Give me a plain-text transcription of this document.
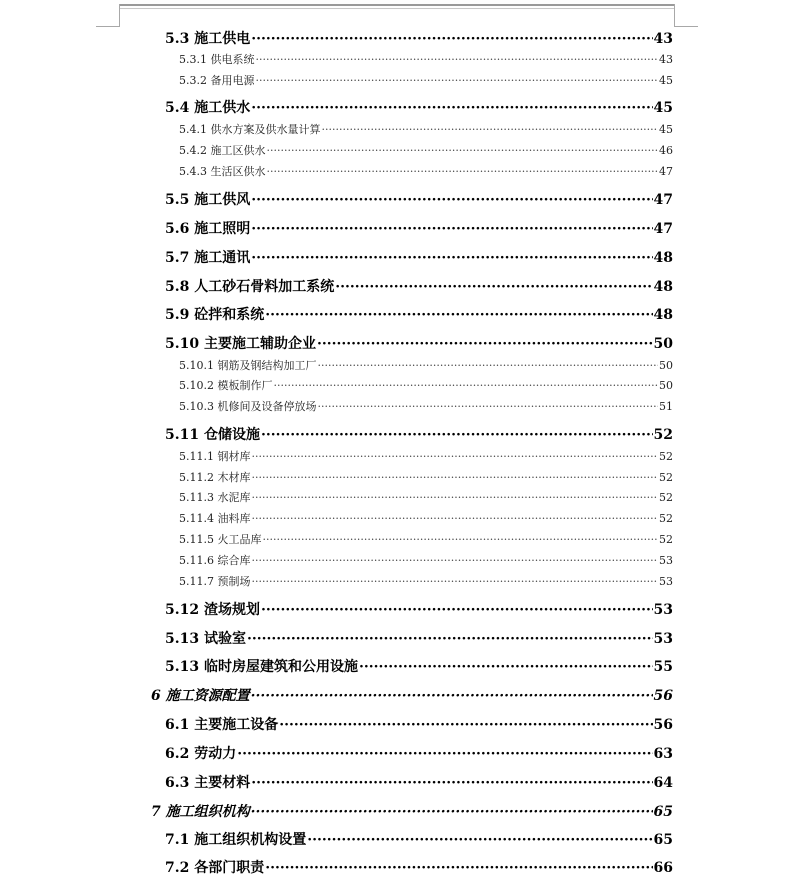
5.3 施工供电 ·····	43
5.3.1 供电系统 ·····	43
5.3.2 备用电源 ·····	45
5.4 施工供水 ·····	45
5.4.1 供水方案及供水量计算 ·····	45
5.4.2 施工区供水 ·····	46
5.4.3 生活区供水 ·····	47
5.5 施工供风 ·····	47
5.6 施工照明 ·····	47
5.7 施工通讯 ·····	48
5.8 人工砂石骨料加工系统 ·····	48
5.9 砼拌和系统 ·····	48
5.10 主要施工辅助企业 ·····	50
5.10.1 钢筋及钢结构加工厂 ·····	50
5.10.2 模板制作厂 ·····	50
5.10.3 机修间及设备停放场 ·····	51
5.11 仓储设施 ·····	52
5.11.1 钢材库 ·····	52
5.11.2 木材库 ·····	52
5.11.3 水泥库 ·····	52
5.11.4 油料库 ·····	52
5.11.5 火工品库 ·····	52
5.11.6 综合库 ·····	53
5.11.7 预制场 ·····	53
5.12 渣场规划 ·····	53
5.13 试验室 ·····	53
5.13 临时房屋建筑和公用设施 ·····	55
6 施工资源配置 ·····	56
6.1 主要施工设备 ·····	56
6.2 劳动力 ·····	63
6.3 主要材料 ·····	64
7 施工组织机构 ·····	65
7.1 施工组织机构设置 ·····	65
7.2 各部门职责 ·····	66
